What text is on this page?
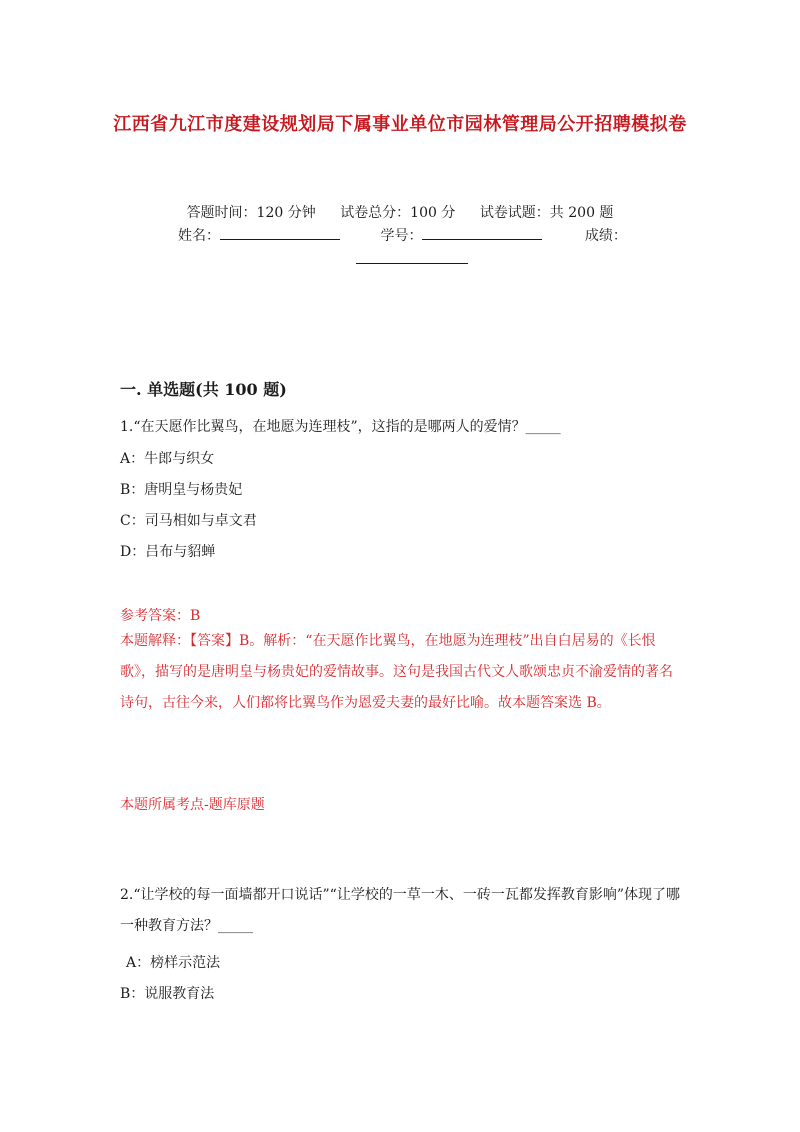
江西省九江市度建设规划局下属事业单位市园林管理局公开招聘模拟卷
答题时间：120 分钟 试卷总分：100 分 试卷试题：共 200 题
姓名：	学号：	成绩：
一. 单选题(共 100 题)
1.“在天愿作比翼鸟，在地愿为连理枝”，这指的是哪两人的爱情？_____
A：牛郎与织女
B：唐明皇与杨贵妃
C：司马相如与卓文君
D：吕布与貂蝉
参考答案：B
本题解释：【答案】B。解析：“在天愿作比翼鸟，在地愿为连理枝”出自白居易的《长恨歌》，描写的是唐明皇与杨贵妃的爱情故事。这句是我国古代文人歌颂忠贞不渝爱情的著名诗句，古往今来，人们都将比翼鸟作为恩爱夫妻的最好比喻。故本题答案选 B。
本题所属考点-题库原题
2.“让学校的每一面墙都开口说话”“让学校的一草一木、一砖一瓦都发挥教育影响”体现了哪一种教育方法？_____
A：榜样示范法
B：说服教育法
